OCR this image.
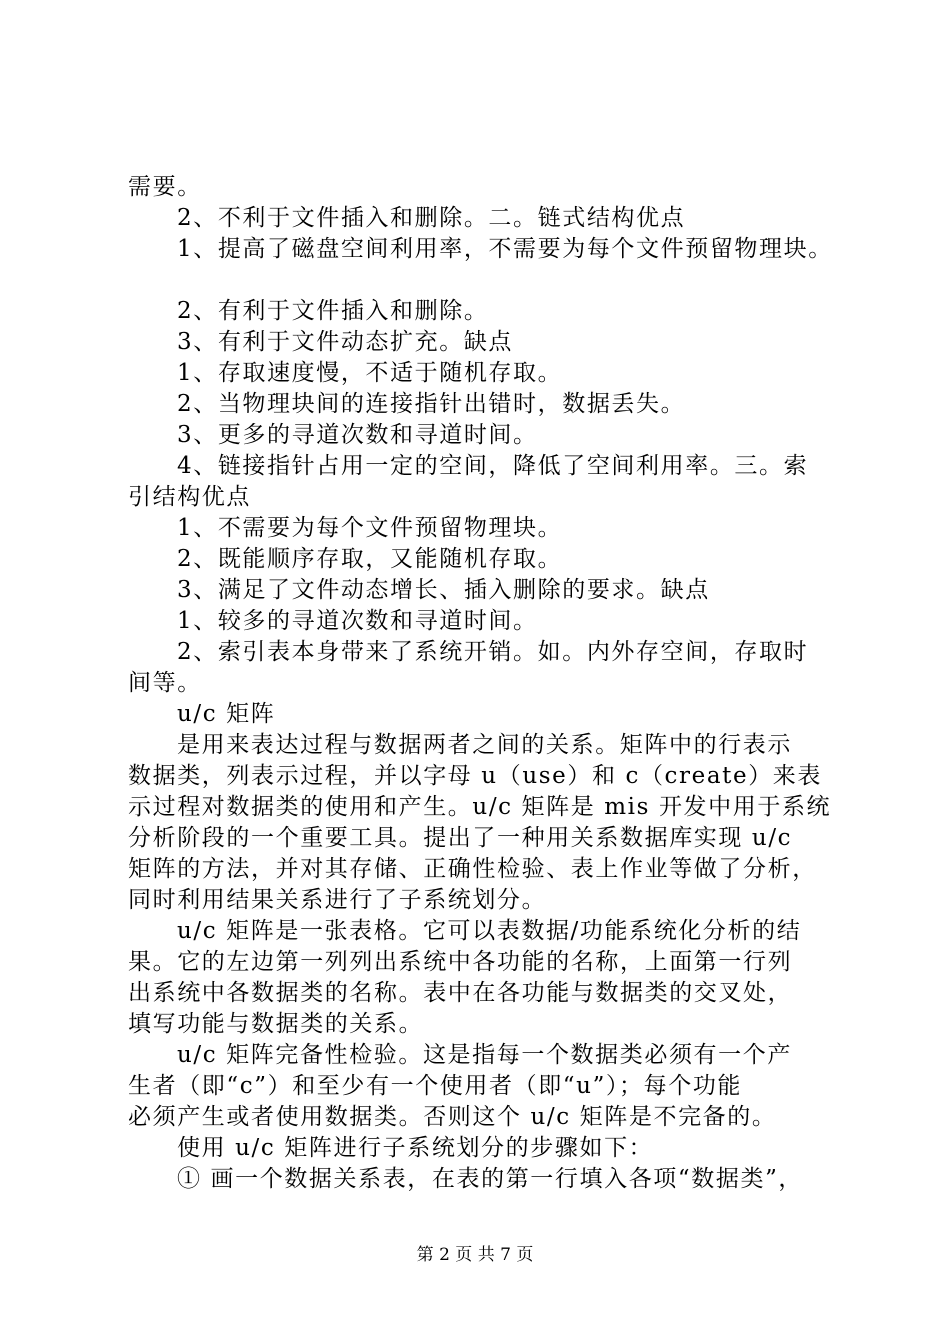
需要。
2、不利于文件插入和删除。二。链式结构优点
1、提高了磁盘空间利用率，不需要为每个文件预留物理块。
2、有利于文件插入和删除。
3、有利于文件动态扩充。缺点
1、存取速度慢，不适于随机存取。
2、当物理块间的连接指针出错时，数据丢失。
3、更多的寻道次数和寻道时间。
4、链接指针占用一定的空间，降低了空间利用率。三。索
引结构优点
1、不需要为每个文件预留物理块。
2、既能顺序存取，又能随机存取。
3、满足了文件动态增长、插入删除的要求。缺点
1、较多的寻道次数和寻道时间。
2、索引表本身带来了系统开销。如。内外存空间，存取时
间等。
u/c 矩阵
是用来表达过程与数据两者之间的关系。矩阵中的行表示
数据类，列表示过程，并以字母 u（use）和 c（create）来表
示过程对数据类的使用和产生。u/c 矩阵是 mis 开发中用于系统
分析阶段的一个重要工具。提出了一种用关系数据库实现 u/c
矩阵的方法，并对其存储、正确性检验、表上作业等做了分析，
同时利用结果关系进行了子系统划分。
u/c 矩阵是一张表格。它可以表数据/功能系统化分析的结
果。它的左边第一列列出系统中各功能的名称，上面第一行列
出系统中各数据类的名称。表中在各功能与数据类的交叉处，
填写功能与数据类的关系。
u/c 矩阵完备性检验。这是指每一个数据类必须有一个产
生者（即“c”）和至少有一个使用者（即“u”）；每个功能
必须产生或者使用数据类。否则这个 u/c 矩阵是不完备的。
使用 u/c 矩阵进行子系统划分的步骤如下：
① 画一个数据关系表，在表的第一行填入各项“数据类”，
第 2 页 共 7 页
